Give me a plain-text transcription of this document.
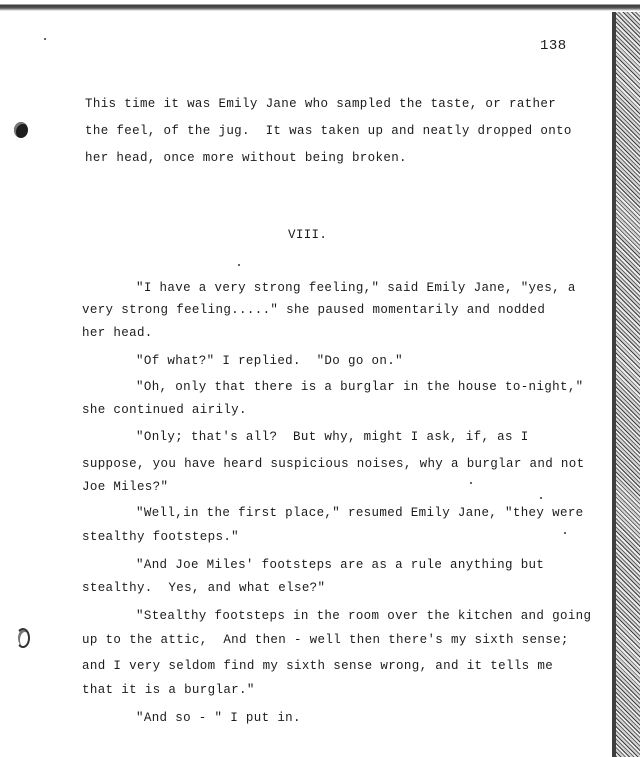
138
This time it was Emily Jane who sampled the taste, or rather
the feel, of the jug.  It was taken up and neatly dropped onto
her head, once more without being broken.
VIII.
"I have a very strong feeling," said Emily Jane, "yes, a
very strong feeling....." she paused momentarily and nodded
her head.
"Of what?" I replied.  "Do go on."
"Oh, only that there is a burglar in the house to-night,"
she continued airily.
"Only; that's all?  But why, might I ask, if, as I
suppose, you have heard suspicious noises, why a burglar and not
Joe Miles?"
"Well,in the first place," resumed Emily Jane, "they were
stealthy footsteps."
"And Joe Miles' footsteps are as a rule anything but
stealthy.  Yes, and what else?"
"Stealthy footsteps in the room over the kitchen and going
up to the attic,  And then - well then there's my sixth sense;
and I very seldom find my sixth sense wrong, and it tells me
that it is a burglar."
"And so - " I put in.
